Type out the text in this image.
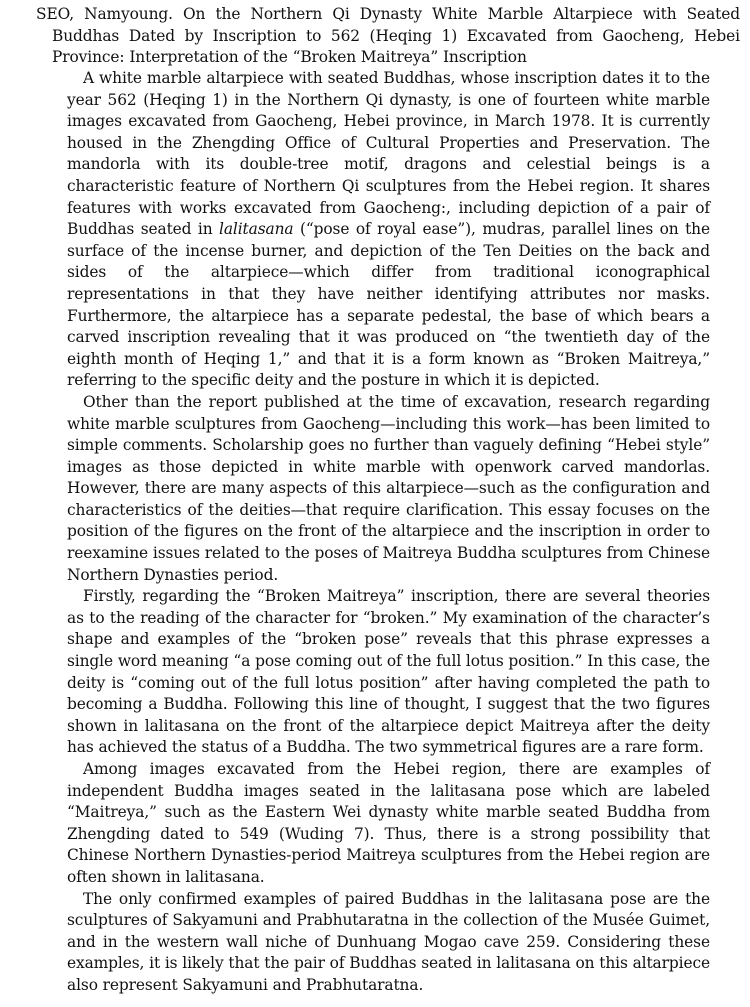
SEO, Namyoung. On the Northern Qi Dynasty White Marble Altarpiece with Seated Buddhas Dated by Inscription to 562 (Heqing 1) Excavated from Gaocheng, Hebei Province: Interpretation of the “Broken Maitreya” Inscription

A white marble altarpiece with seated Buddhas, whose inscription dates it to the year 562 (Heqing 1) in the Northern Qi dynasty, is one of fourteen white marble images excavated from Gaocheng, Hebei province, in March 1978. It is currently housed in the Zhengding Office of Cultural Properties and Preservation. The mandorla with its double-tree motif, dragons and celestial beings is a characteristic feature of Northern Qi sculptures from the Hebei region. It shares features with works excavated from Gaocheng:, including depiction of a pair of Buddhas seated in lalitasana (“pose of royal ease”), mudras, parallel lines on the surface of the incense burner, and depiction of the Ten Deities on the back and sides of the altarpiece—which differ from traditional iconographical representations in that they have neither identifying attributes nor masks. Furthermore, the altarpiece has a separate pedestal, the base of which bears a carved inscription revealing that it was produced on “the twentieth day of the eighth month of Heqing 1,” and that it is a form known as “Broken Maitreya,” referring to the specific deity and the posture in which it is depicted.

Other than the report published at the time of excavation, research regarding white marble sculptures from Gaocheng—including this work—has been limited to simple comments. Scholarship goes no further than vaguely defining “Hebei style” images as those depicted in white marble with openwork carved mandorlas. However, there are many aspects of this altarpiece—such as the configuration and characteristics of the deities—that require clarification. This essay focuses on the position of the figures on the front of the altarpiece and the inscription in order to reexamine issues related to the poses of Maitreya Buddha sculptures from Chinese Northern Dynasties period.

Firstly, regarding the “Broken Maitreya” inscription, there are several theories as to the reading of the character for “broken.” My examination of the character’s shape and examples of the “broken pose” reveals that this phrase expresses a single word meaning “a pose coming out of the full lotus position.” In this case, the deity is “coming out of the full lotus position” after having completed the path to becoming a Buddha. Following this line of thought, I suggest that the two figures shown in lalitasana on the front of the altarpiece depict Maitreya after the deity has achieved the status of a Buddha. The two symmetrical figures are a rare form.

Among images excavated from the Hebei region, there are examples of independent Buddha images seated in the lalitasana pose which are labeled “Maitreya,” such as the Eastern Wei dynasty white marble seated Buddha from Zhengding dated to 549 (Wuding 7). Thus, there is a strong possibility that Chinese Northern Dynasties-period Maitreya sculptures from the Hebei region are often shown in lalitasana.

The only confirmed examples of paired Buddhas in the lalitasana pose are the sculptures of Sakyamuni and Prabhutaratna in the collection of the Musée Guimet, and in the western wall niche of Dunhuang Mogao cave 259. Considering these examples, it is likely that the pair of Buddhas seated in lalitasana on this altarpiece also represent Sakyamuni and Prabhutaratna.
